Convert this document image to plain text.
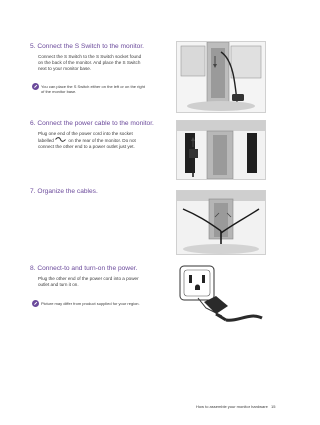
5. Connect the S Switch to the monitor.

Connect the S Switch to the S Switch socket found
on the back of the monitor. And place the S Switch
next to your monitor base.
You can place the S Switch either on the left or on the right
of the monitor base.

6. Connect the power cable to the monitor.

Plug one end of the power cord into the socket
labelled	on the rear of the monitor. Do not
connect the other end to a power outlet just yet.

7. Organize the cables.

8. Connect-to and turn-on the power.

Plug the other end of the power cord into a power
outlet and turn it on.
Picture may differ from product supplied for your region.
How to assemble your monitor hardware 15
